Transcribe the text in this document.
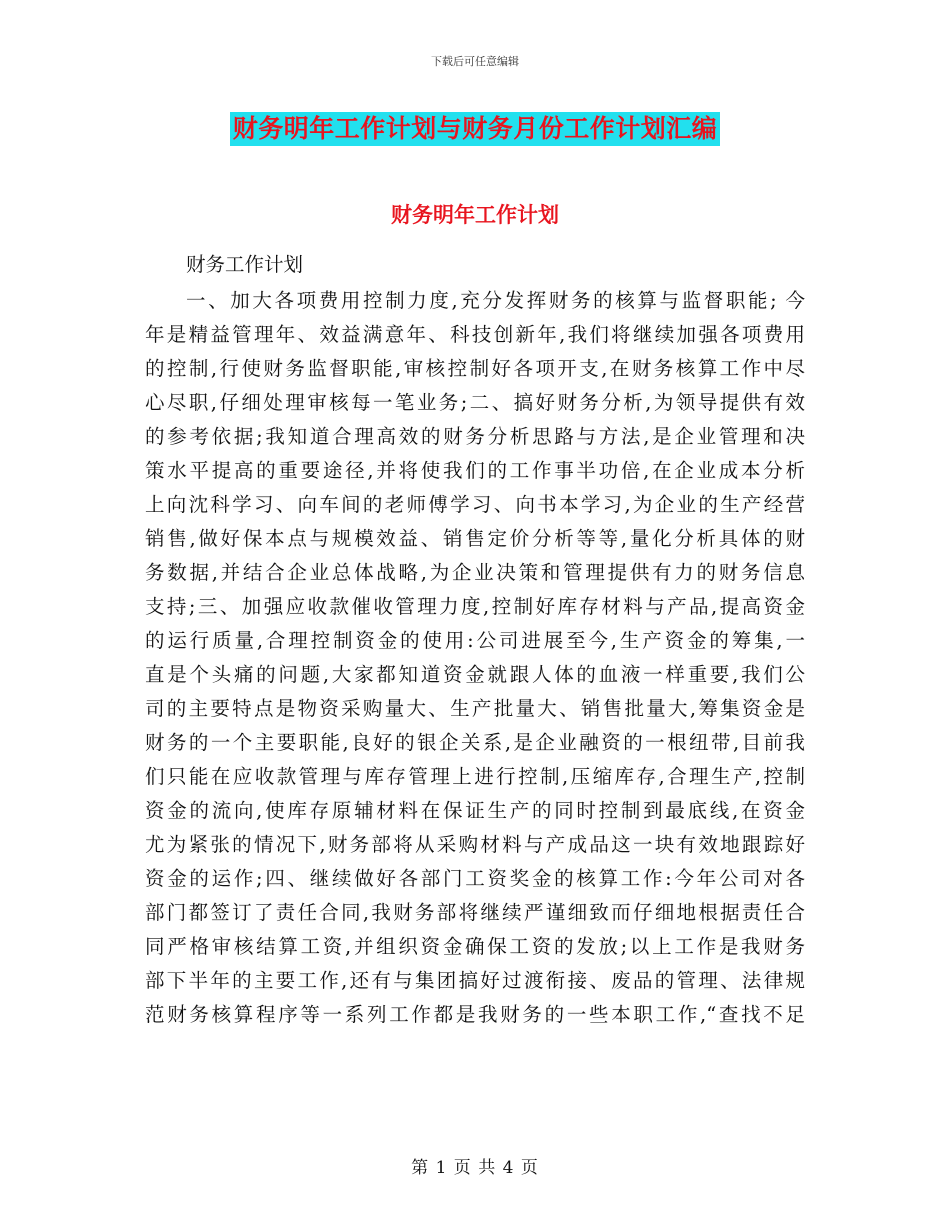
下载后可任意编辑
财务明年工作计划与财务月份工作计划汇编
财务明年工作计划
财务工作计划
一、加大各项费用控制力度,充分发挥财务的核算与监督职能; 今
年是精益管理年、效益满意年、科技创新年,我们将继续加强各项费用
的控制,行使财务监督职能,审核控制好各项开支,在财务核算工作中尽
心尽职,仔细处理审核每一笔业务;二、搞好财务分析,为领导提供有效
的参考依据;我知道合理高效的财务分析思路与方法,是企业管理和决
策水平提高的重要途径,并将使我们的工作事半功倍,在企业成本分析
上向沈科学习、向车间的老师傅学习、向书本学习,为企业的生产经营
销售,做好保本点与规模效益、销售定价分析等等,量化分析具体的财
务数据,并结合企业总体战略,为企业决策和管理提供有力的财务信息
支持;三、加强应收款催收管理力度,控制好库存材料与产品,提高资金
的运行质量,合理控制资金的使用:公司进展至今,生产资金的筹集,一
直是个头痛的问题,大家都知道资金就跟人体的血液一样重要,我们公
司的主要特点是物资采购量大、生产批量大、销售批量大,筹集资金是
财务的一个主要职能,良好的银企关系,是企业融资的一根纽带,目前我
们只能在应收款管理与库存管理上进行控制,压缩库存,合理生产,控制
资金的流向,使库存原辅材料在保证生产的同时控制到最底线,在资金
尤为紧张的情况下,财务部将从采购材料与产成品这一块有效地跟踪好
资金的运作;四、继续做好各部门工资奖金的核算工作:今年公司对各
部门都签订了责任合同,我财务部将继续严谨细致而仔细地根据责任合
同严格审核结算工资,并组织资金确保工资的发放;以上工作是我财务
部下半年的主要工作,还有与集团搞好过渡衔接、废品的管理、法律规
范财务核算程序等一系列工作都是我财务的一些本职工作,“查找不足
第 1 页 共 4 页
